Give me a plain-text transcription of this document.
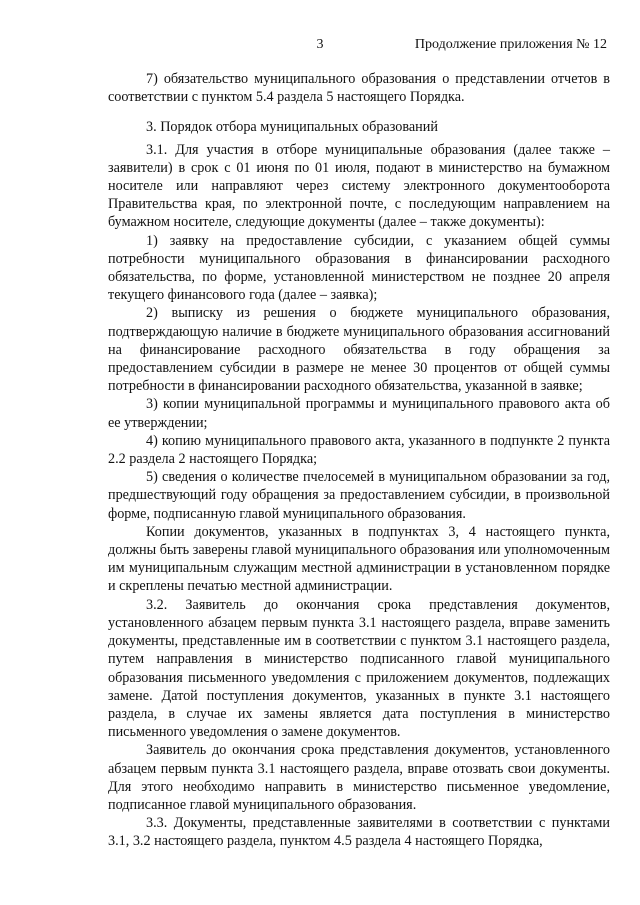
3	Продолжение приложения № 12

7) обязательство муниципального образования о представлении отчетов в соответствии с пунктом 5.4 раздела 5 настоящего Порядка.

3. Порядок отбора муниципальных образований

3.1. Для участия в отборе муниципальные образования (далее также – заявители) в срок с 01 июня по 01 июля, подают в министерство на бумажном носителе или направляют через систему электронного документооборота Правительства края, по электронной почте, с последующим направлением на бумажном носителе, следующие документы (далее – также документы):

1) заявку на предоставление субсидии, с указанием общей суммы потребности муниципального образования в финансировании расходного обязательства, по форме, установленной министерством не позднее 20 апреля текущего финансового года (далее – заявка);

2) выписку из решения о бюджете муниципального образования, подтверждающую наличие в бюджете муниципального образования ассигнований на финансирование расходного обязательства в году обращения за предоставлением субсидии в размере не менее 30 процентов от общей суммы потребности в финансировании расходного обязательства, указанной в заявке;

3) копии муниципальной программы и муниципального правового акта об ее утверждении;

4) копию муниципального правового акта, указанного в подпункте 2 пункта 2.2 раздела 2 настоящего Порядка;

5) сведения о количестве пчелосемей в муниципальном образовании за год, предшествующий году обращения за предоставлением субсидии, в произвольной форме, подписанную главой муниципального образования.

Копии документов, указанных в подпунктах 3, 4 настоящего пункта, должны быть заверены главой муниципального образования или уполномоченным им муниципальным служащим местной администрации в установленном порядке и скреплены печатью местной администрации.

3.2. Заявитель до окончания срока представления документов, установленного абзацем первым пункта 3.1 настоящего раздела, вправе заменить документы, представленные им в соответствии с пунктом 3.1 настоящего раздела, путем направления в министерство подписанного главой муниципального образования письменного уведомления с приложением документов, подлежащих замене. Датой поступления документов, указанных в пункте 3.1 настоящего раздела, в случае их замены является дата поступления в министерство письменного уведомления о замене документов.

Заявитель до окончания срока представления документов, установленного абзацем первым пункта 3.1 настоящего раздела, вправе отозвать свои документы. Для этого необходимо направить в министерство письменное уведомление, подписанное главой муниципального образования.

3.3. Документы, представленные заявителями в соответствии с пунктами 3.1, 3.2 настоящего раздела, пунктом 4.5 раздела 4 настоящего Порядка,
